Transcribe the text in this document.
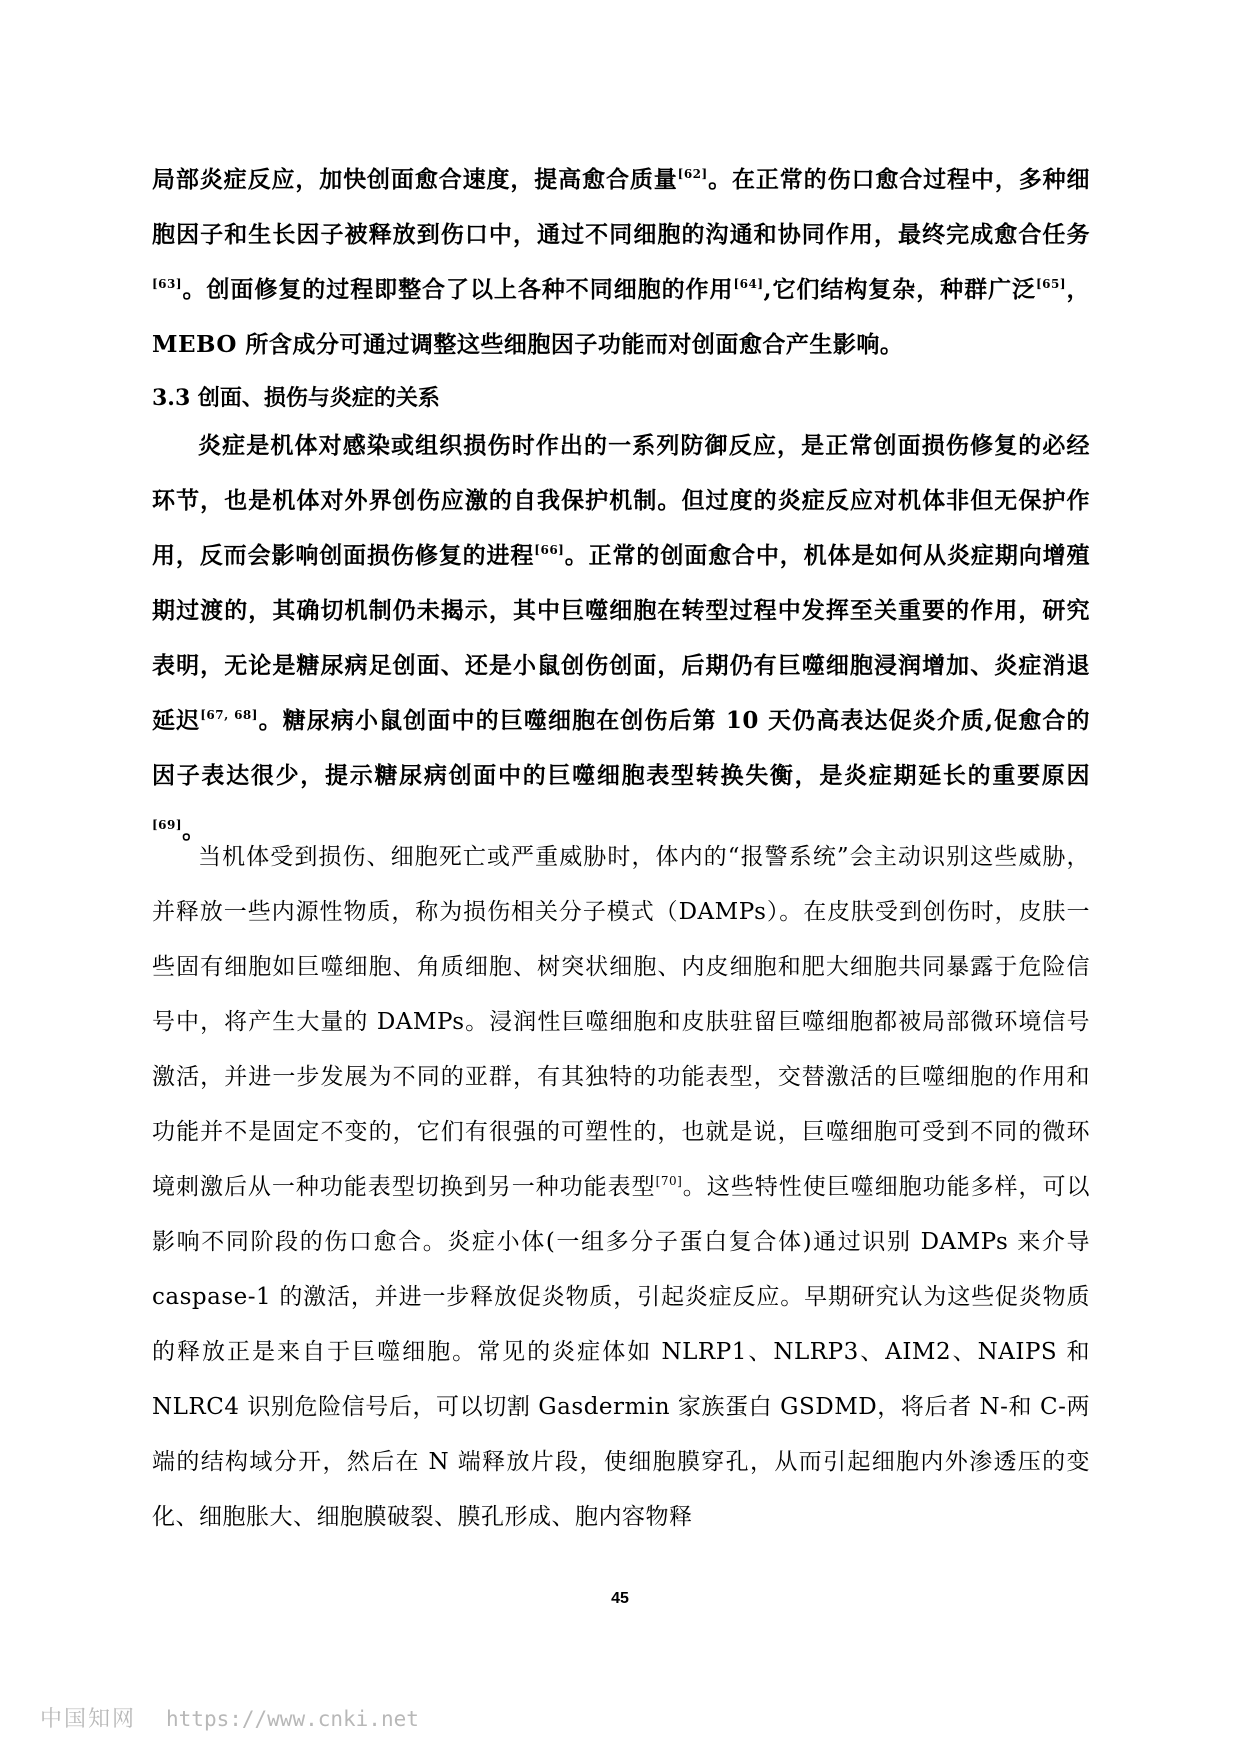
局部炎症反应，加快创面愈合速度，提高愈合质量[62]。在正常的伤口愈合过程中，多种细胞因子和生长因子被释放到伤口中，通过不同细胞的沟通和协同作用，最终完成愈合任务[63]。创面修复的过程即整合了以上各种不同细胞的作用[64],它们结构复杂，种群广泛[65]，MEBO 所含成分可通过调整这些细胞因子功能而对创面愈合产生影响。

3.3 创面、损伤与炎症的关系

炎症是机体对感染或组织损伤时作出的一系列防御反应，是正常创面损伤修复的必经环节，也是机体对外界创伤应激的自我保护机制。但过度的炎症反应对机体非但无保护作用，反而会影响创面损伤修复的进程[66]。正常的创面愈合中，机体是如何从炎症期向增殖期过渡的，其确切机制仍未揭示，其中巨噬细胞在转型过程中发挥至关重要的作用，研究表明，无论是糖尿病足创面、还是小鼠创伤创面，后期仍有巨噬细胞浸润增加、炎症消退延迟[67, 68]。糖尿病小鼠创面中的巨噬细胞在创伤后第 10 天仍高表达促炎介质,促愈合的因子表达很少，提示糖尿病创面中的巨噬细胞表型转换失衡，是炎症期延长的重要原因[69]。

当机体受到损伤、细胞死亡或严重威胁时，体内的“报警系统”会主动识别这些威胁，并释放一些内源性物质，称为损伤相关分子模式（DAMPs）。在皮肤受到创伤时，皮肤一些固有细胞如巨噬细胞、角质细胞、树突状细胞、内皮细胞和肥大细胞共同暴露于危险信号中，将产生大量的 DAMPs。浸润性巨噬细胞和皮肤驻留巨噬细胞都被局部微环境信号激活，并进一步发展为不同的亚群，有其独特的功能表型，交替激活的巨噬细胞的作用和功能并不是固定不变的，它们有很强的可塑性的，也就是说，巨噬细胞可受到不同的微环境刺激后从一种功能表型切换到另一种功能表型[70]。这些特性使巨噬细胞功能多样，可以影响不同阶段的伤口愈合。炎症小体(一组多分子蛋白复合体)通过识别 DAMPs 来介导 caspase-1 的激活，并进一步释放促炎物质，引起炎症反应。早期研究认为这些促炎物质的释放正是来自于巨噬细胞。常见的炎症体如 NLRP1、NLRP3、AIM2、NAIPS 和 NLRC4 识别危险信号后，可以切割 Gasdermin 家族蛋白 GSDMD，将后者 N-和 C-两端的结构域分开，然后在 N 端释放片段，使细胞膜穿孔，从而引起细胞内外渗透压的变化、细胞胀大、细胞膜破裂、膜孔形成、胞内容物释

45
中国知网 https://www.cnki.net
